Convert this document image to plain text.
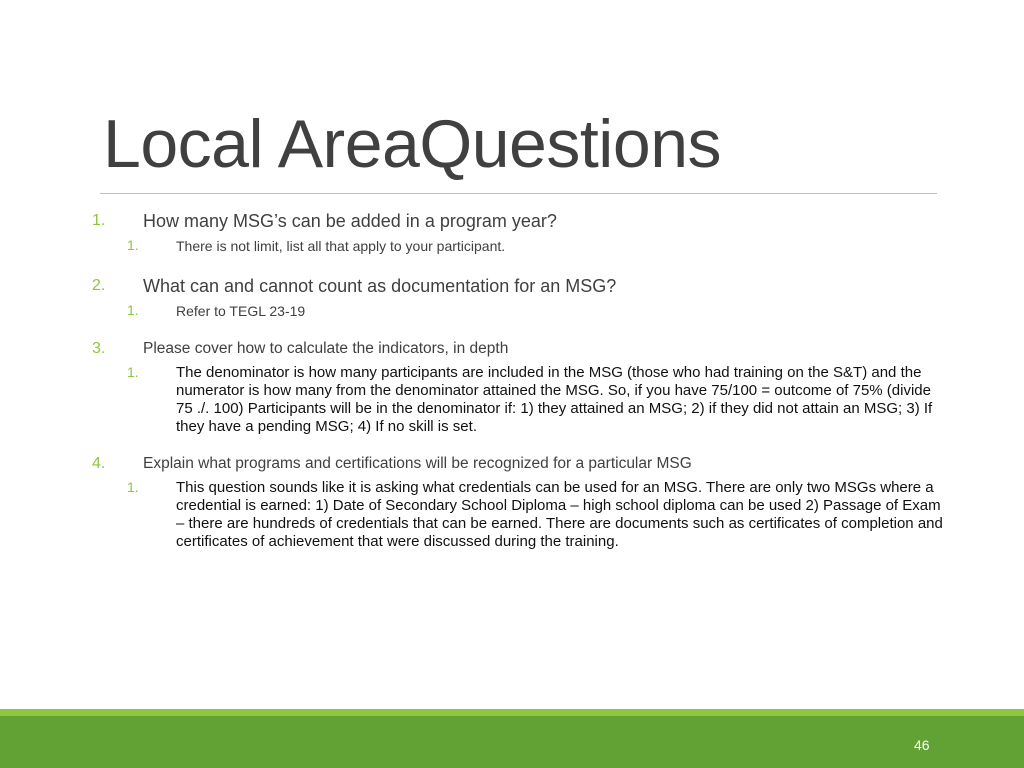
Local AreaQuestions
1. How many MSG’s can be added in a program year?
1.	There is not limit, list all that apply to your participant.
2. What can and cannot count as documentation for an MSG?
1.	Refer to TEGL 23-19
3. Please cover how to calculate the indicators, in depth
1. The denominator is how many participants are included in the MSG (those who had training on the S&T) and the numerator is how many from the denominator attained the MSG. So, if you have 75/100 = outcome of 75% (divide 75 ./. 100) Participants will be in the denominator if: 1) they attained an MSG; 2) if they did not attain an MSG; 3) If they have a pending MSG; 4) If no skill is set.
4. Explain what programs and certifications will be recognized for a particular MSG
1. This question sounds like it is asking what credentials can be used for an MSG. There are only two MSGs where a credential is earned: 1) Date of Secondary School Diploma – high school diploma can be used 2) Passage of Exam – there are hundreds of credentials that can be earned. There are documents such as certificates of completion and certificates of achievement that were discussed during the training.
46
